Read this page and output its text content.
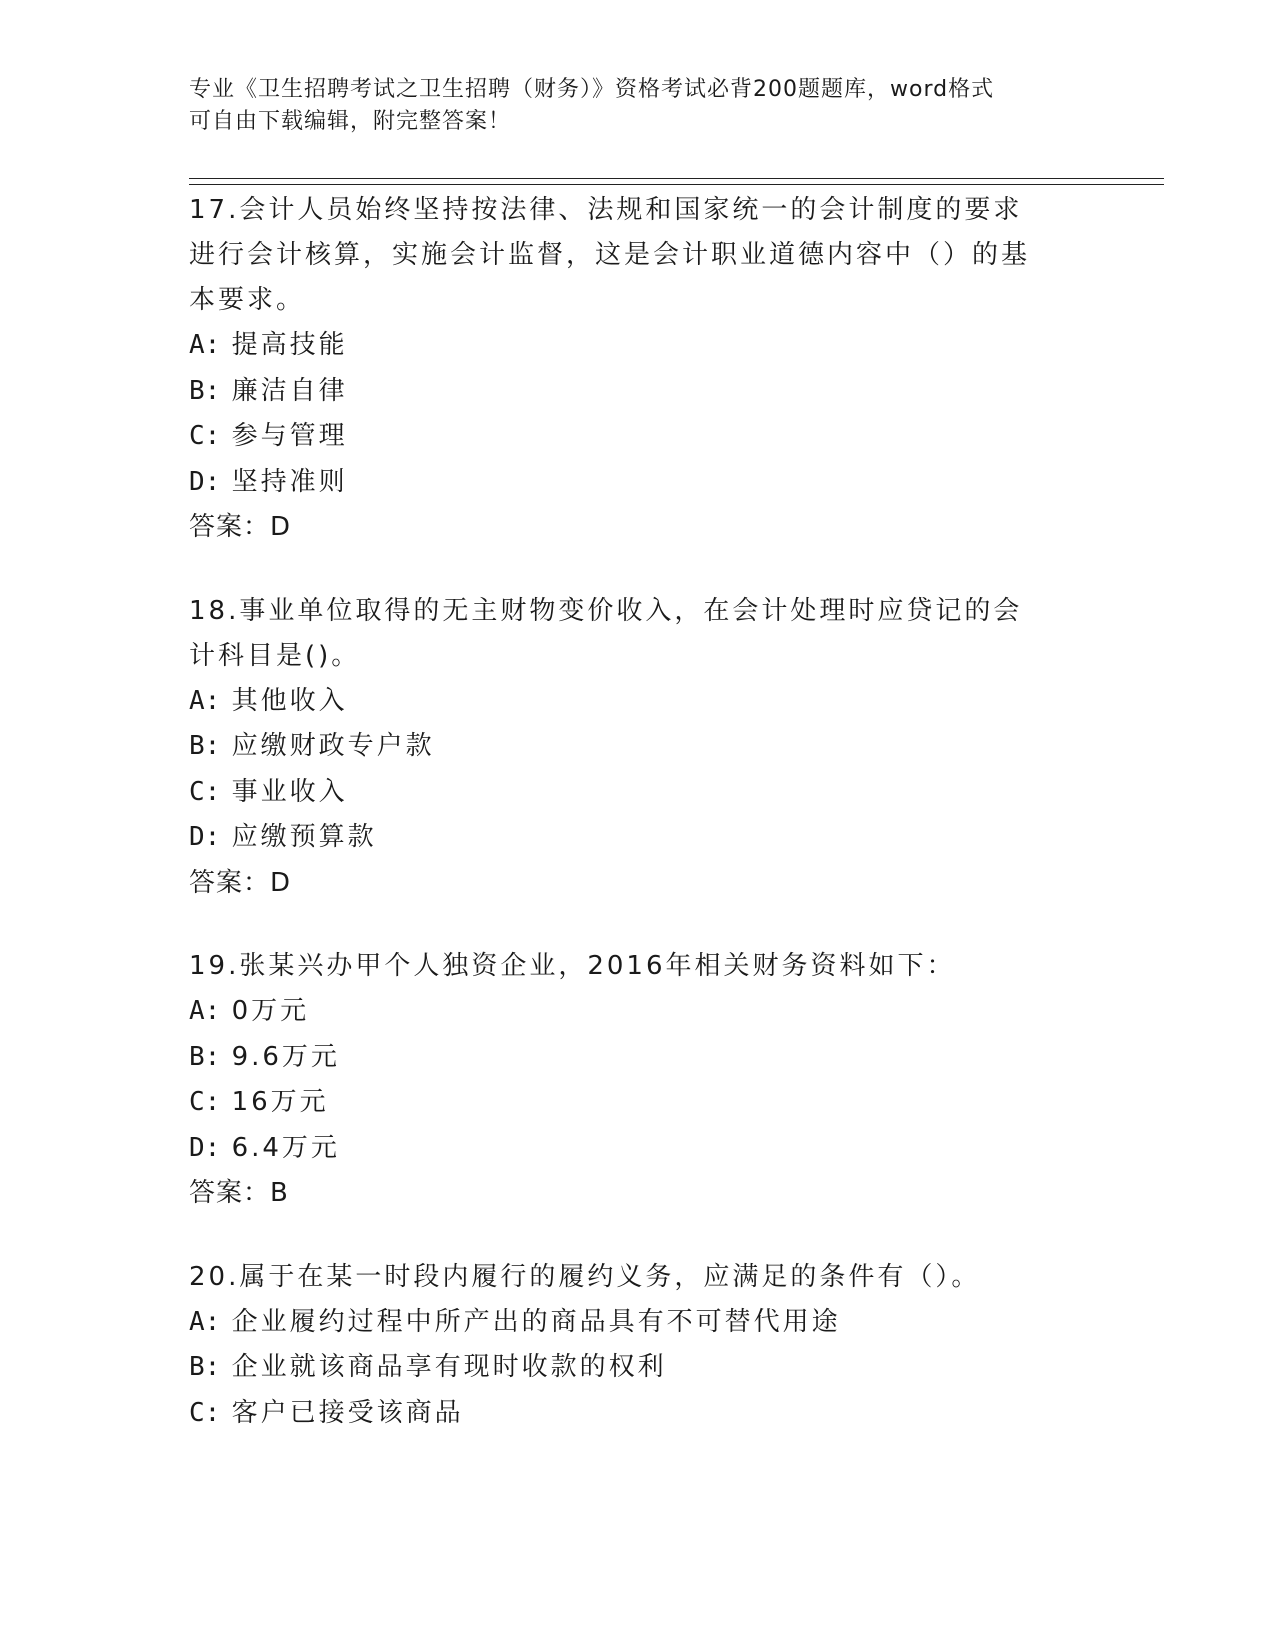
专业《卫生招聘考试之卫生招聘（财务）》资格考试必背200题题库，word格式
可自由下载编辑，附完整答案！
17.会计人员始终坚持按法律、法规和国家统一的会计制度的要求进行会计核算，实施会计监督，这是会计职业道德内容中（）的基本要求。
A: 提高技能
B: 廉洁自律
C: 参与管理
D: 坚持准则
答案：D
18.事业单位取得的无主财物变价收入，在会计处理时应贷记的会计科目是()。
A: 其他收入
B: 应缴财政专户款
C: 事业收入
D: 应缴预算款
答案：D
19.张某兴办甲个人独资企业，2016年相关财务资料如下：
A: 0万元
B: 9.6万元
C: 16万元
D: 6.4万元
答案：B
20.属于在某一时段内履行的履约义务，应满足的条件有（）。
A: 企业履约过程中所产出的商品具有不可替代用途
B: 企业就该商品享有现时收款的权利
C: 客户已接受该商品
